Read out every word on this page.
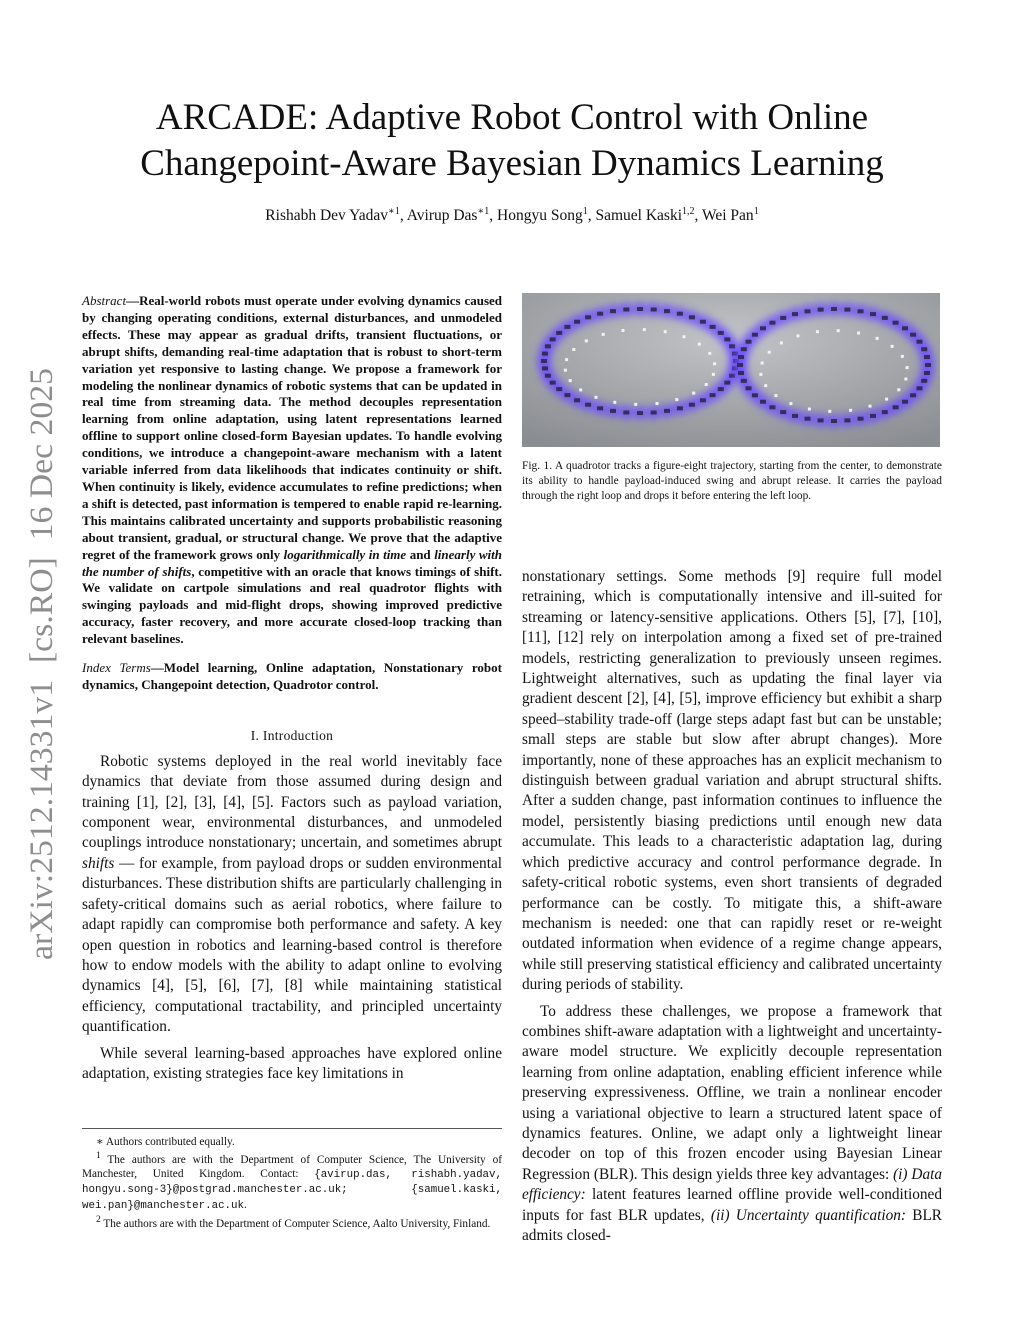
arXiv:2512.14331v1  [cs.RO]  16 Dec 2025
ARCADE: Adaptive Robot Control with Online
Changepoint-Aware Bayesian Dynamics Learning
Rishabh Dev Yadav$^{∗1}$, Avirup Das$^{∗1}$, Hongyu Song$^1$, Samuel Kaski$^{1,2}$, Wei Pan$^1$

Abstract—Real-world robots must operate under evolving dynamics caused by changing operating conditions, external disturbances, and unmodeled effects. These may appear as gradual drifts, transient fluctuations, or abrupt shifts, demanding real-time adaptation that is robust to short-term variation yet responsive to lasting change. We propose a framework for modeling the nonlinear dynamics of robotic systems that can be updated in real time from streaming data. The method decouples representation learning from online adaptation, using latent representations learned offline to support online closed-form Bayesian updates. To handle evolving conditions, we introduce a changepoint-aware mechanism with a latent variable inferred from data likelihoods that indicates continuity or shift. When continuity is likely, evidence accumulates to refine predictions; when a shift is detected, past information is tempered to enable rapid re-learning. This maintains calibrated uncertainty and supports probabilistic reasoning about transient, gradual, or structural change. We prove that the adaptive regret of the framework grows only logarithmically in time and linearly with the number of shifts, competitive with an oracle that knows timings of shift. We validate on cartpole simulations and real quadrotor flights with swinging payloads and mid-flight drops, showing improved predictive accuracy, faster recovery, and more accurate closed-loop tracking than relevant baselines.

Index Terms—Model learning, Online adaptation, Nonstationary robot dynamics, Changepoint detection, Quadrotor control.

I. Introduction

Robotic systems deployed in the real world inevitably face dynamics that deviate from those assumed during design and training [1], [2], [3], [4], [5]. Factors such as payload variation, component wear, environmental disturbances, and unmodeled couplings introduce nonstationary; uncertain, and sometimes abrupt shifts — for example, from payload drops or sudden environmental disturbances. These distribution shifts are particularly challenging in safety-critical domains such as aerial robotics, where failure to adapt rapidly can compromise both performance and safety. A key open question in robotics and learning-based control is therefore how to endow models with the ability to adapt online to evolving dynamics [4], [5], [6], [7], [8] while maintaining statistical efficiency, computational tractability, and principled uncertainty quantification.

While several learning-based approaches have explored online adaptation, existing strategies face key limitations in

∗ Authors contributed equally.

$^1$ The authors are with the Department of Computer Science, The University of Manchester, United Kingdom. Contact: {avirup.das, rishabh.yadav, hongyu.song-3}@postgrad.manchester.ac.uk; {samuel.kaski, wei.pan}@manchester.ac.uk.

$^2$ The authors are with the Department of Computer Science, Aalto University, Finland.

Fig. 1. A quadrotor tracks a figure-eight trajectory, starting from the center, to demonstrate its ability to handle payload-induced swing and abrupt release. It carries the payload through the right loop and drops it before entering the left loop.

nonstationary settings. Some methods [9] require full model retraining, which is computationally intensive and ill-suited for streaming or latency-sensitive applications. Others [5], [7], [10], [11], [12] rely on interpolation among a fixed set of pre-trained models, restricting generalization to previously unseen regimes. Lightweight alternatives, such as updating the final layer via gradient descent [2], [4], [5], improve efficiency but exhibit a sharp speed–stability trade-off (large steps adapt fast but can be unstable; small steps are stable but slow after abrupt changes). More importantly, none of these approaches has an explicit mechanism to distinguish between gradual variation and abrupt structural shifts. After a sudden change, past information continues to influence the model, persistently biasing predictions until enough new data accumulate. This leads to a characteristic adaptation lag, during which predictive accuracy and control performance degrade. In safety-critical robotic systems, even short transients of degraded performance can be costly. To mitigate this, a shift-aware mechanism is needed: one that can rapidly reset or re-weight outdated information when evidence of a regime change appears, while still preserving statistical efficiency and calibrated uncertainty during periods of stability.

To address these challenges, we propose a framework that combines shift-aware adaptation with a lightweight and uncertainty-aware model structure. We explicitly decouple representation learning from online adaptation, enabling efficient inference while preserving expressiveness. Offline, we train a nonlinear encoder using a variational objective to learn a structured latent space of dynamics features. Online, we adapt only a lightweight linear decoder on top of this frozen encoder using Bayesian Linear Regression (BLR). This design yields three key advantages: (i) Data efficiency: latent features learned offline provide well-conditioned inputs for fast BLR updates, (ii) Uncertainty quantification: BLR admits closed-
